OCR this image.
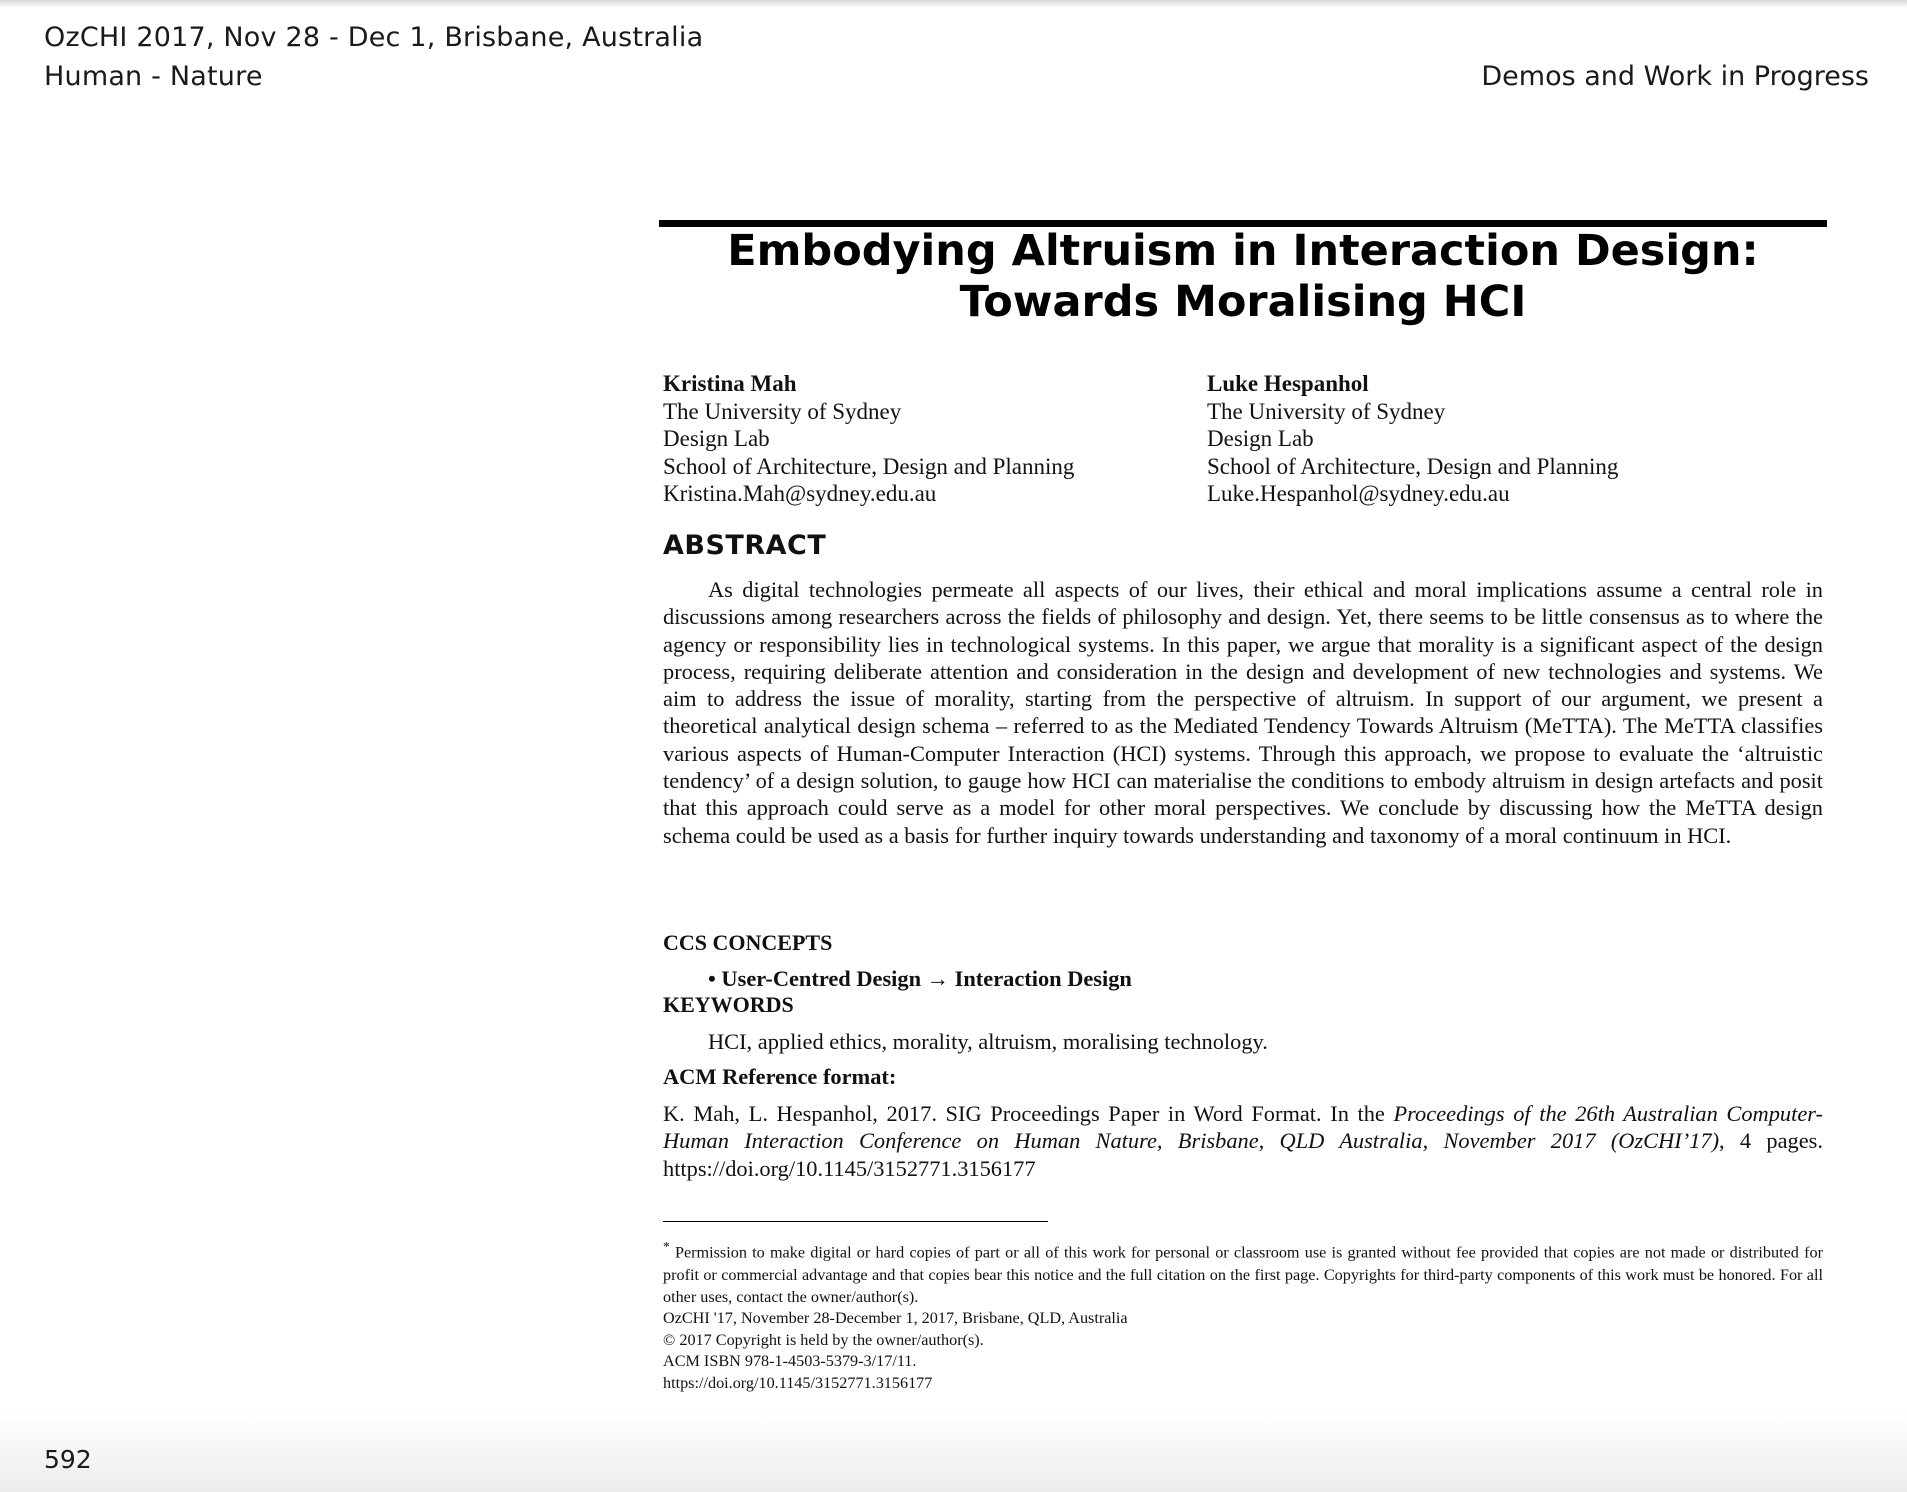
OzCHI 2017, Nov 28 - Dec 1, Brisbane, Australia
Human - Nature	Demos and Work in Progress
Embodying Altruism in Interaction Design:
Towards Moralising HCI
Kristina Mah
The University of Sydney
Design Lab
School of Architecture, Design and Planning
Kristina.Mah@sydney.edu.au
Luke Hespanhol
The University of Sydney
Design Lab
School of Architecture, Design and Planning
Luke.Hespanhol@sydney.edu.au
ABSTRACT
As digital technologies permeate all aspects of our lives, their ethical and moral implications assume a central role in discussions among researchers across the fields of philosophy and design. Yet, there seems to be little consensus as to where the agency or responsibility lies in technological systems. In this paper, we argue that morality is a significant aspect of the design process, requiring deliberate attention and consideration in the design and development of new technologies and systems. We aim to address the issue of morality, starting from the perspective of altruism. In support of our argument, we present a theoretical analytical design schema – referred to as the Mediated Tendency Towards Altruism (MeTTA). The MeTTA classifies various aspects of Human-Computer Interaction (HCI) systems. Through this approach, we propose to evaluate the ‘altruistic tendency’ of a design solution, to gauge how HCI can materialise the conditions to embody altruism in design artefacts and posit that this approach could serve as a model for other moral perspectives. We conclude by discussing how the MeTTA design schema could be used as a basis for further inquiry towards understanding and taxonomy of a moral continuum in HCI.
CCS CONCEPTS
• User-Centred Design → Interaction Design
KEYWORDS
HCI, applied ethics, morality, altruism, moralising technology.
ACM Reference format:
K. Mah, L. Hespanhol, 2017. SIG Proceedings Paper in Word Format. In the Proceedings of the 26th Australian Computer-Human Interaction Conference on Human Nature, Brisbane, QLD Australia, November 2017 (OzCHI’17), 4 pages. https://doi.org/10.1145/3152771.3156177
* Permission to make digital or hard copies of part or all of this work for personal or classroom use is granted without fee provided that copies are not made or distributed for profit or commercial advantage and that copies bear this notice and the full citation on the first page. Copyrights for third-party components of this work must be honored. For all other uses, contact the owner/author(s).
OzCHI '17, November 28-December 1, 2017, Brisbane, QLD, Australia
© 2017 Copyright is held by the owner/author(s).
ACM ISBN 978-1-4503-5379-3/17/11.
https://doi.org/10.1145/3152771.3156177
592
